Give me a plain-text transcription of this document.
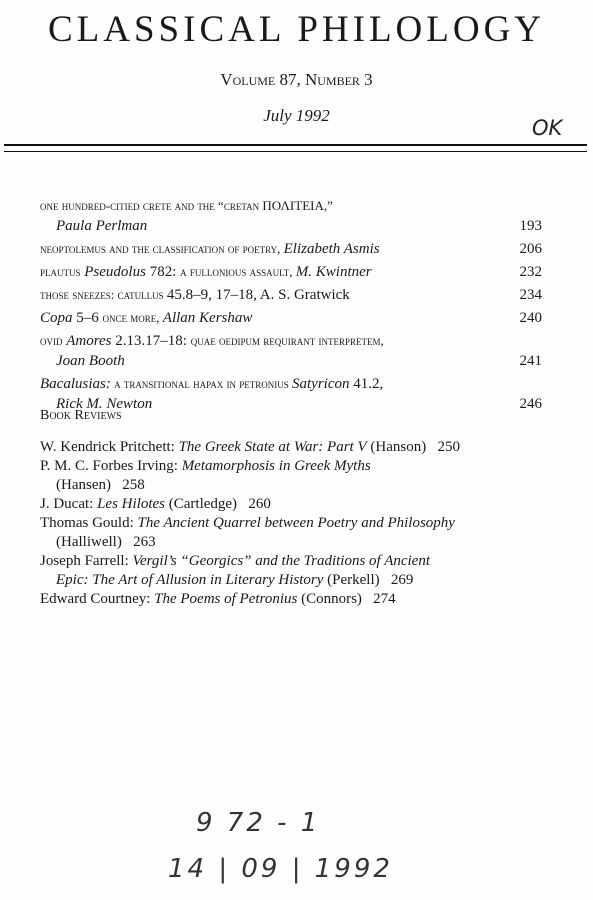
CLASSICAL PHILOLOGY
Volume 87, Number 3
July 1992
OK
one hundred-citied crete and the “cretan ΠΟΛΙΤΕΙΑ,”
Paula Perlman	193
neoptolemus and the classification of poetry, Elizabeth Asmis	206
plautus Pseudolus 782: a fullonious assault, M. Kwintner	232
those sneezes: catullus 45.8–9, 17–18, A. S. Gratwick	234
Copa 5–6 once more, Allan Kershaw	240
ovid Amores 2.13.17–18: quae oedipum requirant interpretem,
Joan Booth	241
Bacalusias: a transitional hapax in petronius Satyricon 41.2,
Rick M. Newton	246
Book Reviews
W. Kendrick Pritchett: The Greek State at War: Part V (Hanson) 250
P. M. C. Forbes Irving: Metamorphosis in Greek Myths
(Hansen) 258
J. Ducat: Les Hilotes (Cartledge) 260
Thomas Gould: The Ancient Quarrel between Poetry and Philosophy
(Halliwell) 263
Joseph Farrell: Vergil’s “Georgics” and the Traditions of Ancient
Epic: The Art of Allusion in Literary History (Perkell) 269
Edward Courtney: The Poems of Petronius (Connors) 274
9 72 - 1
14 | 09 | 1992
